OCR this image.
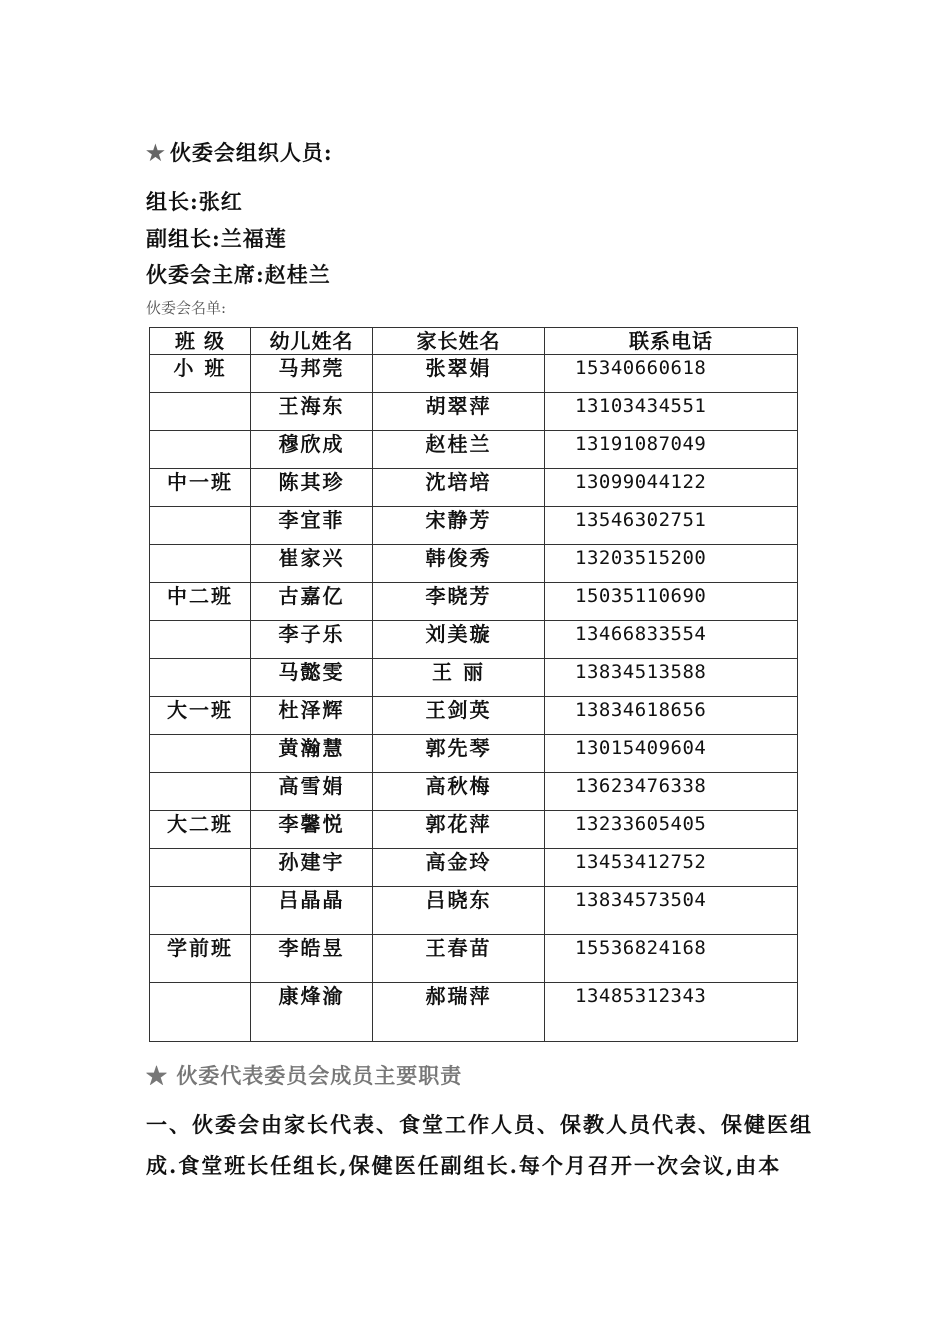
★ 伙委会组织人员:
组长:张红
副组长:兰福莲
伙委会主席:赵桂兰
伙委会名单:
班 级	幼儿姓名	家长姓名	联系电话
小 班	马邦莞	张翠娟	15340660618
	王海东	胡翠萍	13103434551
	穆欣成	赵桂兰	13191087049
中一班	陈其珍	沈培培	13099044122
	李宜菲	宋静芳	13546302751
	崔家兴	韩俊秀	13203515200
中二班	古嘉亿	李晓芳	15035110690
	李子乐	刘美璇	13466833554
	马懿雯	王 丽	13834513588
大一班	杜泽辉	王剑英	13834618656
	黄瀚慧	郭先琴	13015409604
	高雪娟	高秋梅	13623476338
大二班	李馨悦	郭花萍	13233605405
	孙建宇	高金玲	13453412752
	吕晶晶	吕晓东	13834573504
学前班	李皓昱	王春苗	15536824168
	康烽渝	郝瑞萍	13485312343
★ 伙委代表委员会成员主要职责
一、伙委会由家长代表、食堂工作人员、保教人员代表、保健医组
成.食堂班长任组长,保健医任副组长.每个月召开一次会议,由本
